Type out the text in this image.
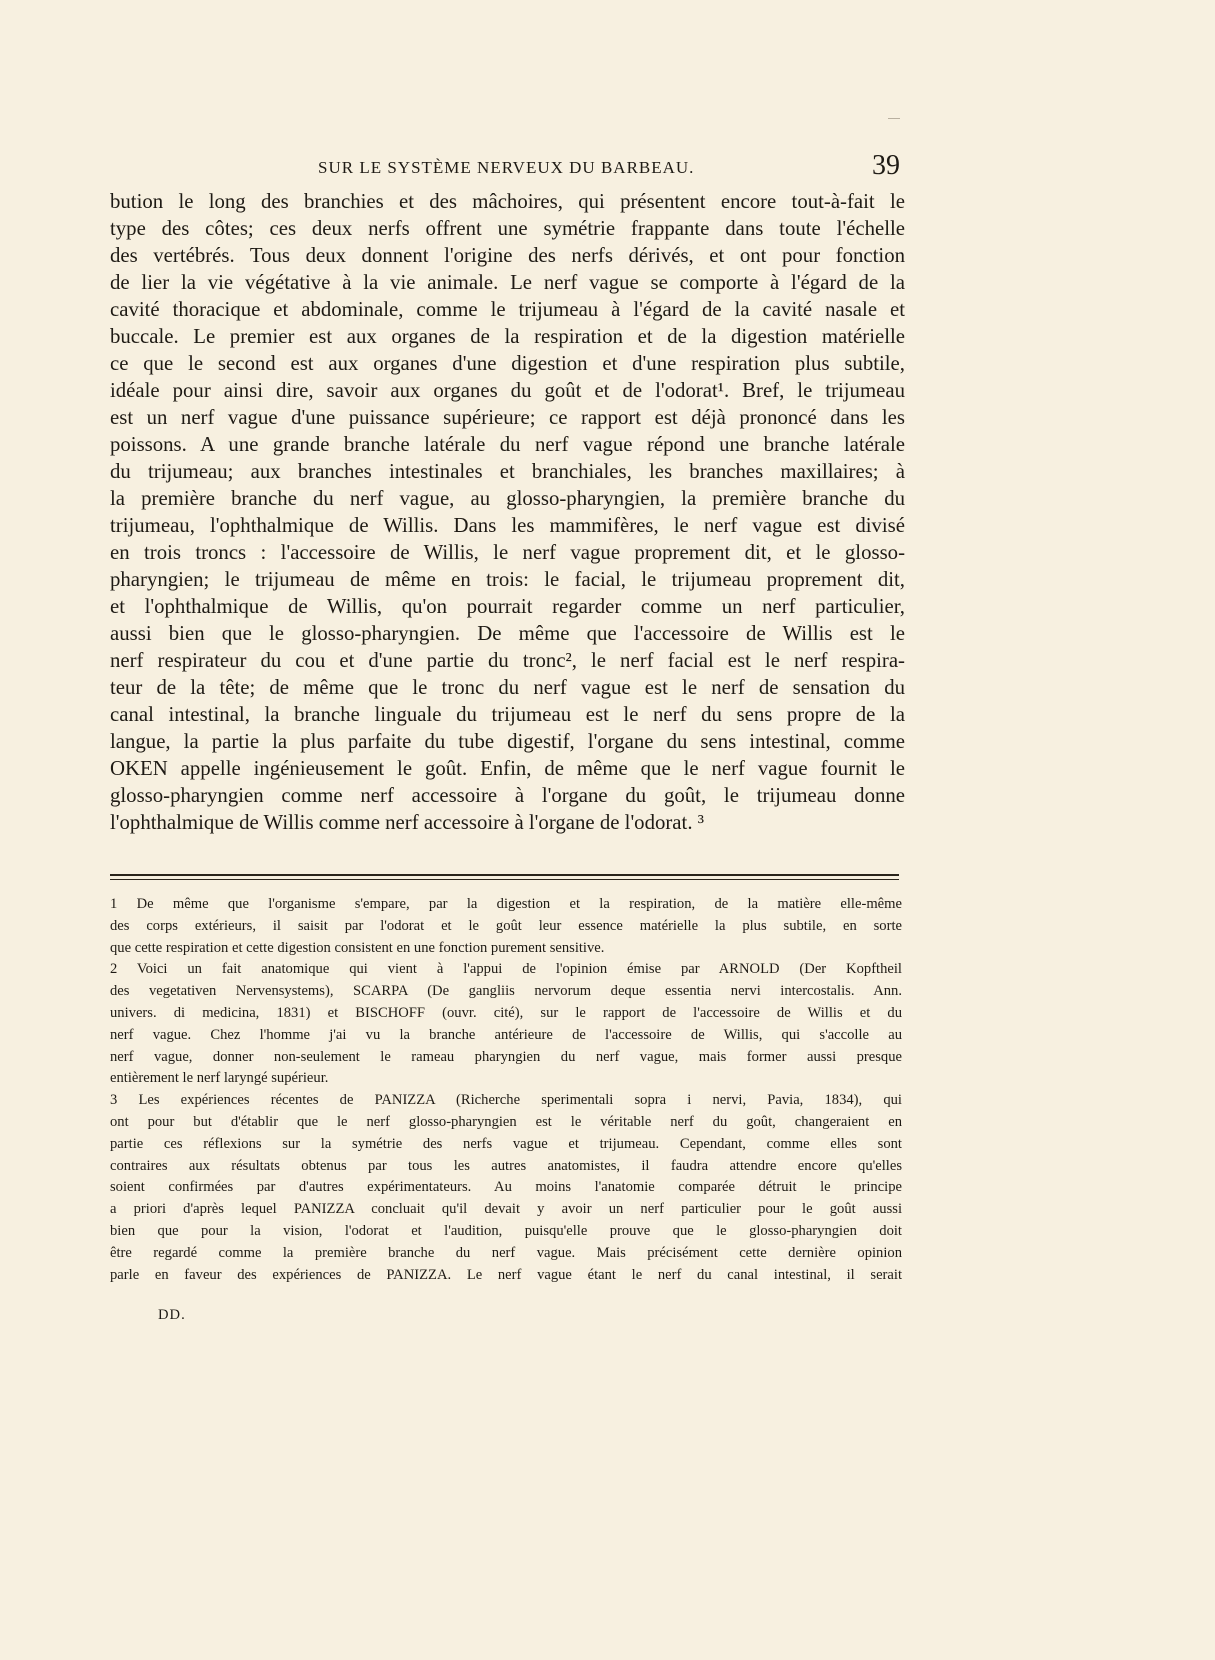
SUR LE SYSTÈME NERVEUX DU BARBEAU.	39
bution le long des branchies et des mâchoires, qui présentent encore tout-à-fait le
type des côtes; ces deux nerfs offrent une symétrie frappante dans toute l'échelle
des vertébrés. Tous deux donnent l'origine des nerfs dérivés, et ont pour fonction
de lier la vie végétative à la vie animale. Le nerf vague se comporte à l'égard de la
cavité thoracique et abdominale, comme le trijumeau à l'égard de la cavité nasale et
buccale. Le premier est aux organes de la respiration et de la digestion matérielle
ce que le second est aux organes d'une digestion et d'une respiration plus subtile,
idéale pour ainsi dire, savoir aux organes du goût et de l'odorat¹. Bref, le trijumeau
est un nerf vague d'une puissance supérieure; ce rapport est déjà prononcé dans les
poissons. A une grande branche latérale du nerf vague répond une branche latérale
du trijumeau; aux branches intestinales et branchiales, les branches maxillaires; à
la première branche du nerf vague, au glosso-pharyngien, la première branche du
trijumeau, l'ophthalmique de Willis. Dans les mammifères, le nerf vague est divisé
en trois troncs : l'accessoire de Willis, le nerf vague proprement dit, et le glosso-
pharyngien; le trijumeau de même en trois: le facial, le trijumeau proprement dit,
et l'ophthalmique de Willis, qu'on pourrait regarder comme un nerf particulier,
aussi bien que le glosso-pharyngien. De même que l'accessoire de Willis est le
nerf respirateur du cou et d'une partie du tronc², le nerf facial est le nerf respira-
teur de la tête; de même que le tronc du nerf vague est le nerf de sensation du
canal intestinal, la branche linguale du trijumeau est le nerf du sens propre de la
langue, la partie la plus parfaite du tube digestif, l'organe du sens intestinal, comme
OKEN appelle ingénieusement le goût. Enfin, de même que le nerf vague fournit le
glosso-pharyngien comme nerf accessoire à l'organe du goût, le trijumeau donne
l'ophthalmique de Willis comme nerf accessoire à l'organe de l'odorat. ³
1 De même que l'organisme s'empare, par la digestion et la respiration, de la matière elle-même
des corps extérieurs, il saisit par l'odorat et le goût leur essence matérielle la plus subtile, en sorte
que cette respiration et cette digestion consistent en une fonction purement sensitive.
2 Voici un fait anatomique qui vient à l'appui de l'opinion émise par ARNOLD (Der Kopftheil
des vegetativen Nervensystems), SCARPA (De gangliis nervorum deque essentia nervi intercostalis. Ann.
univers. di medicina, 1831) et BISCHOFF (ouvr. cité), sur le rapport de l'accessoire de Willis et du
nerf vague. Chez l'homme j'ai vu la branche antérieure de l'accessoire de Willis, qui s'accolle au
nerf vague, donner non-seulement le rameau pharyngien du nerf vague, mais former aussi presque
entièrement le nerf laryngé supérieur.
3 Les expériences récentes de PANIZZA (Richerche sperimentali sopra i nervi, Pavia, 1834), qui
ont pour but d'établir que le nerf glosso-pharyngien est le véritable nerf du goût, changeraient en
partie ces réflexions sur la symétrie des nerfs vague et trijumeau. Cependant, comme elles sont
contraires aux résultats obtenus par tous les autres anatomistes, il faudra attendre encore qu'elles
soient confirmées par d'autres expérimentateurs. Au moins l'anatomie comparée détruit le principe
a priori d'après lequel PANIZZA concluait qu'il devait y avoir un nerf particulier pour le goût aussi
bien que pour la vision, l'odorat et l'audition, puisqu'elle prouve que le glosso-pharyngien doit
être regardé comme la première branche du nerf vague. Mais précisément cette dernière opinion
parle en faveur des expériences de PANIZZA. Le nerf vague étant le nerf du canal intestinal, il serait
DD.
